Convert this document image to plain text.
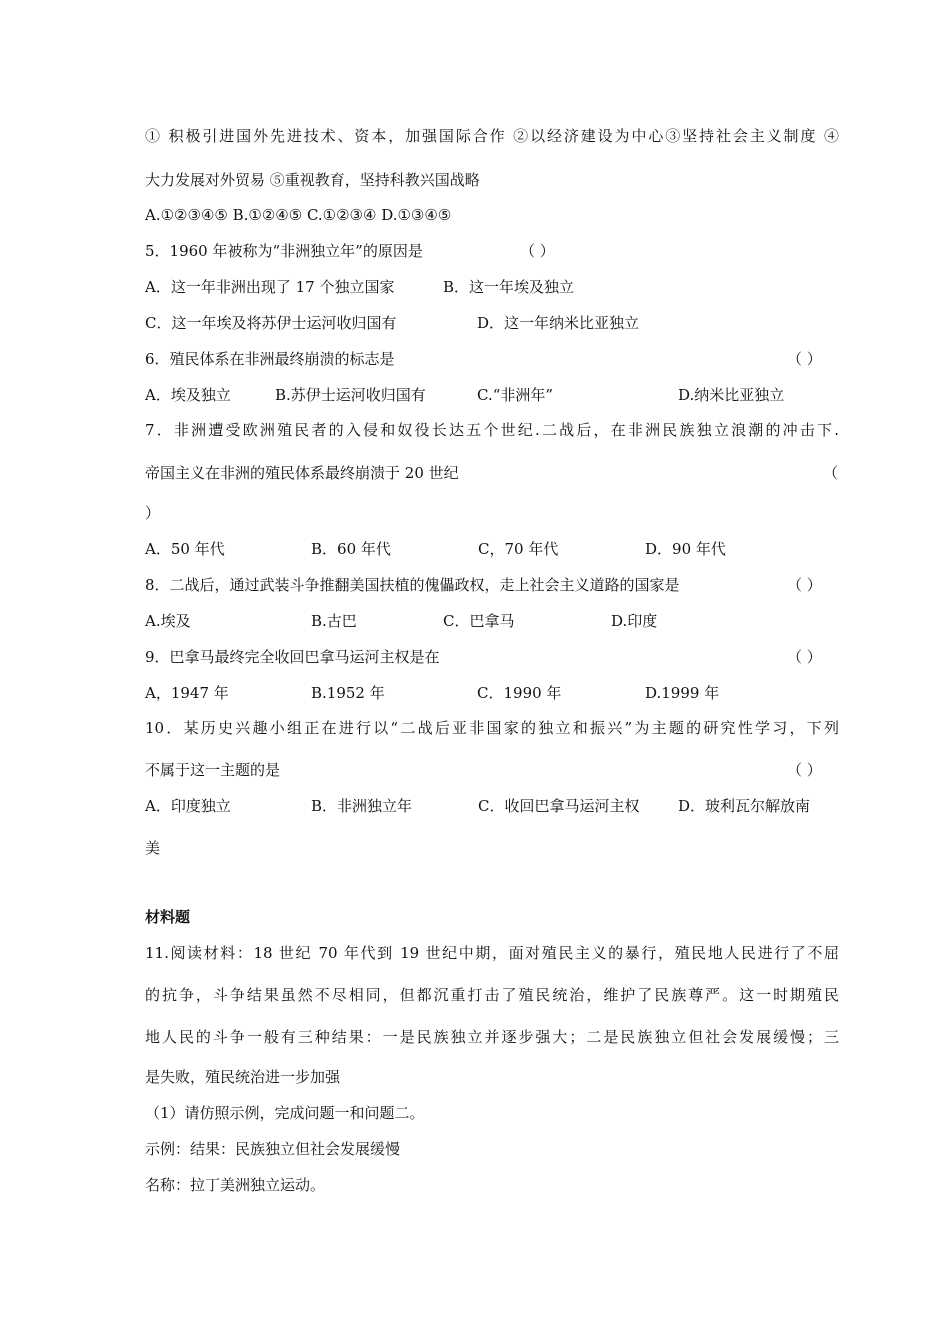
① 积极引进国外先进技术、资本，加强国际合作 ②以经济建设为中心③坚持社会主义制度 ④
大力发展对外贸易 ⑤重视教育，坚持科教兴国战略
A.①②③④⑤ B.①②④⑤ C.①②③④ D.①③④⑤
5．1960 年被称为“非洲独立年”的原因是	（ ）
A．这一年非洲出现了 17 个独立国家	B．这一年埃及独立
C．这一年埃及将苏伊士运河收归国有	D．这一年纳米比亚独立
6．殖民体系在非洲最终崩溃的标志是	（ ）
A．埃及独立	B.苏伊士运河收归国有	C.“非洲年”	D.纳米比亚独立
7．非洲遭受欧洲殖民者的入侵和奴役长达五个世纪.二战后，在非洲民族独立浪潮的冲击下.
帝国主义在非洲的殖民体系最终崩溃于 20 世纪	（
）
A．50 年代	B．60 年代	C，70 年代	D．90 年代
8．二战后，通过武装斗争推翻美国扶植的傀儡政权，走上社会主义道路的国家是	（ ）
A.埃及	B.古巴	C．巴拿马	D.印度
9．巴拿马最终完全收回巴拿马运河主权是在	（ ）
A，1947 年	B.1952 年	C．1990 年	D.1999 年
10．某历史兴趣小组正在进行以“二战后亚非国家的独立和振兴”为主题的研究性学习，下列
不属于这一主题的是	（ ）
A．印度独立	B．非洲独立年	C．收回巴拿马运河主权	D．玻利瓦尔解放南
美
材料题
11.阅读材料：18 世纪 70 年代到 19 世纪中期，面对殖民主义的暴行，殖民地人民进行了不屈
的抗争，斗争结果虽然不尽相同，但都沉重打击了殖民统治，维护了民族尊严。这一时期殖民
地人民的斗争一般有三种结果：一是民族独立并逐步强大；二是民族独立但社会发展缓慢；三
是失败，殖民统治进一步加强
（1）请仿照示例，完成问题一和问题二。
示例：结果：民族独立但社会发展缓慢
名称：拉丁美洲独立运动。
